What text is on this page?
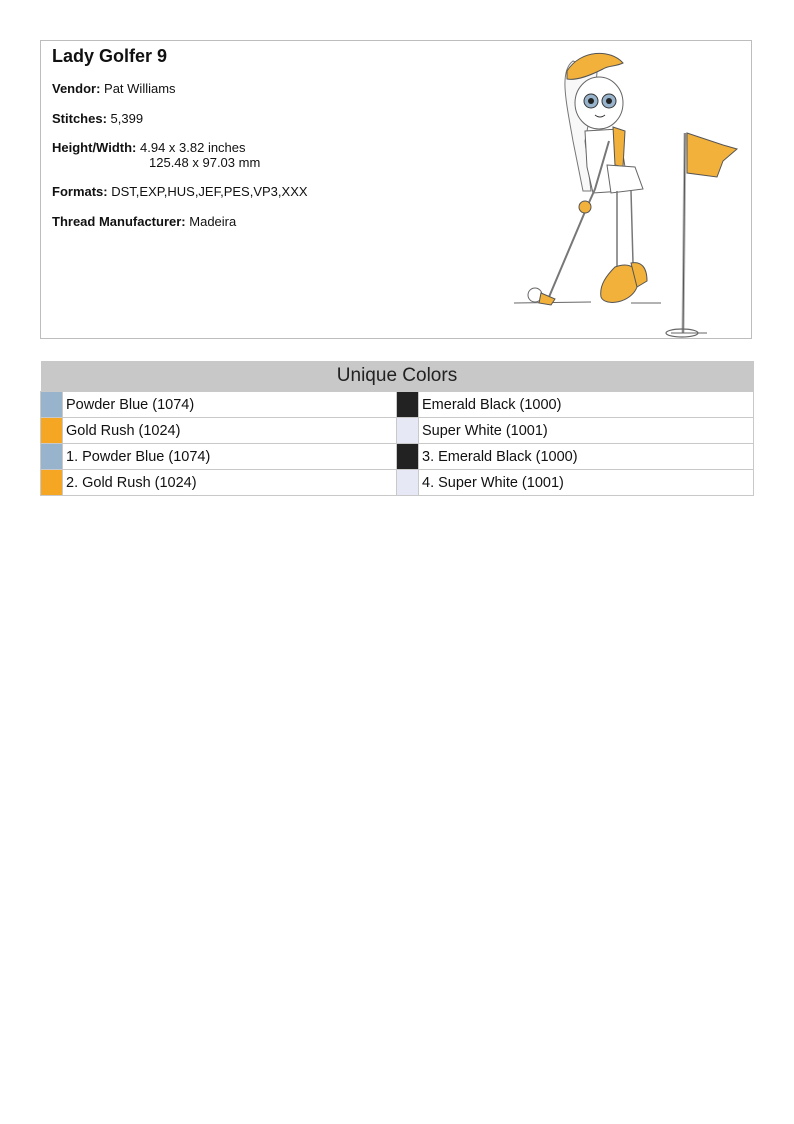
Lady Golfer 9
Vendor: Pat Williams
Stitches: 5,399
Height/Width: 4.94 x 3.82 inches
125.48 x 97.03 mm
Formats: DST,EXP,HUS,JEF,PES,VP3,XXX
Thread Manufacturer: Madeira
Unique Colors			

	Powder Blue (1074)		Emerald Black (1000)

	Gold Rush (1024)		Super White (1001)

	1. Powder Blue (1074)		3. Emerald Black (1000)

	2. Gold Rush (1024)		4. Super White (1001)
